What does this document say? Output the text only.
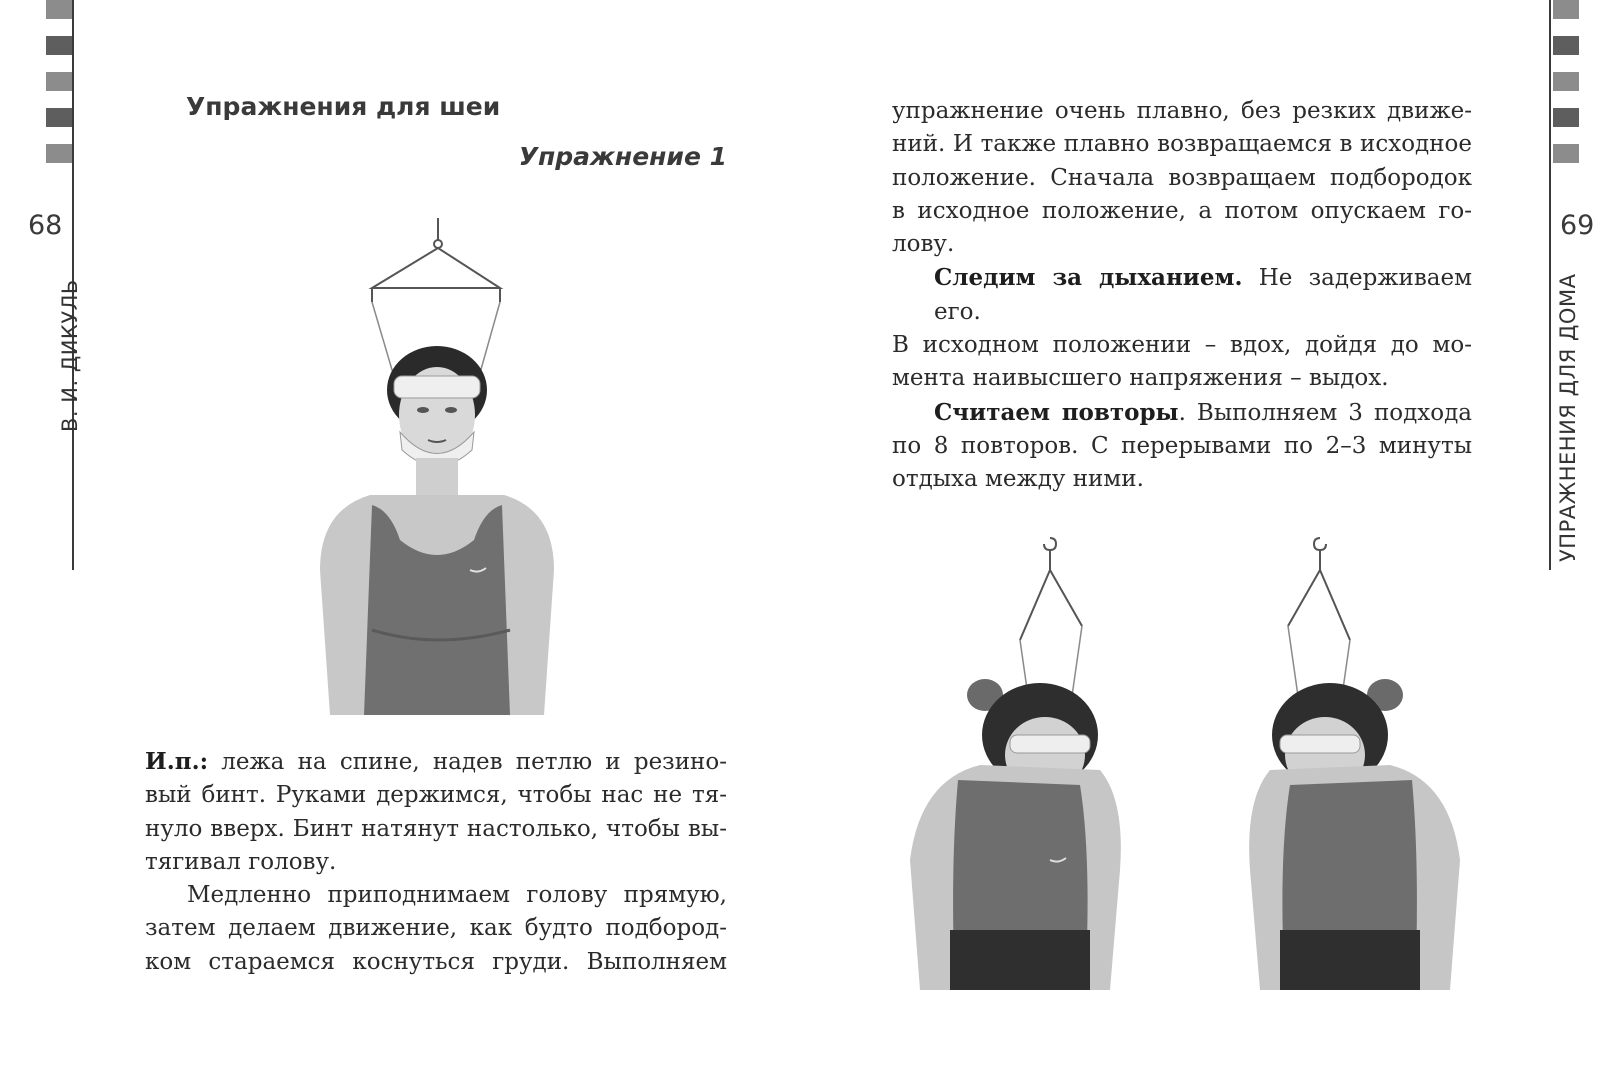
68
В. И. ДИКУЛЬ
69
УПРАЖНЕНИЯ ДЛЯ ДОМА
Упражнения для шеи
Упражнение 1

И.п.: лежа на спине, надев петлю и резино-
вый бинт. Руками держимся, чтобы нас не тя-
нуло вверх. Бинт натянут настолько, чтобы вы-
тягивал голову.

Медленно приподнимаем голову прямую,
затем делаем движение, как будто подбород-
ком стараемся коснуться груди. Выполняем

упражнение очень плавно, без резких движе-
ний. И также плавно возвращаемся в исходное
положение. Сначала возвращаем подбородок
в исходное положение, а потом опускаем го-
лову.

Следим за дыханием. Не задерживаем его.
В исходном положении – вдох, дойдя до мо-
мента наивысшего напряжения – выдох.

Считаем повторы. Выполняем 3 подхода
по 8 повторов. С перерывами по 2–3 минуты
отдыха между ними.
